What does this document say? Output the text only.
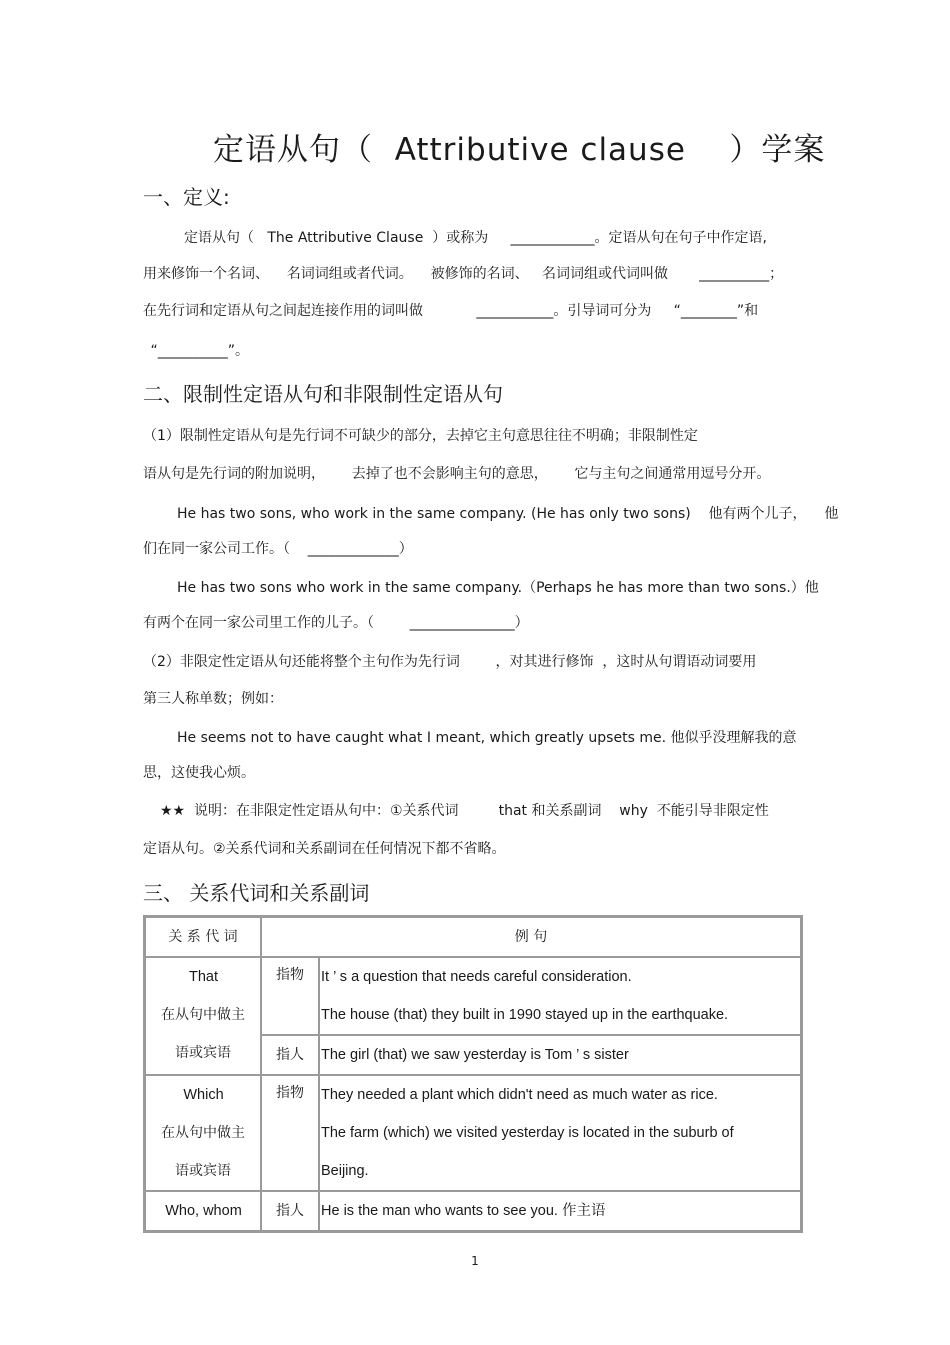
定语从句（  Attributive clause    ）学案
一、定义:
定语从句（   The Attributive Clause  ）或称为     ____________。定语从句在句子中作定语,
用来修饰一个名词、    名词词组或者代词。    被修饰的名词、   名词词组或代词叫做       __________；
在先行词和定语从句之间起连接作用的词叫做            ___________。引导词可分为     “________”和
“__________”。
二、限制性定语从句和非限制性定语从句
（1）限制性定语从句是先行词不可缺少的部分，去掉它主句意思往往不明确；非限制性定
语从句是先行词的附加说明，      去掉了也不会影响主句的意思，      它与主句之间通常用逗号分开。
He has two sons, who work in the same company. (He has only two sons)    他有两个儿子，    他
们在同一家公司工作。（    _____________）
He has two sons who work in the same company.（Perhaps he has more than two sons.）他
有两个在同一家公司里工作的儿子。（        _______________）
（2）非限定性定语从句还能将整个主句作为先行词        ，对其进行修饰  ，这时从句谓语动词要用
第三人称单数；例如：
He seems not to have caught what I meant, which greatly upsets me. 他似乎没理解我的意
思，这使我心烦。
★★  说明：在非限定性定语从句中：①关系代词         that 和关系副词    why  不能引导非限定性
定语从句。②关系代词和关系副词在任何情况下都不省略。
三、 关系代词和关系副词
关 系 代 词	例 句	

That
在从句中做主
语或宾语	指物	It ’ s a question that needs careful consideration.
The house (that) they built in 1990 stayed up in the earthquake.

	指人	The girl (that) we saw yesterday is Tom ’ s sister

Which
在从句中做主
语或宾语	指物	They needed a plant which didn't need as much water as rice.
The farm (which) we visited yesterday is located in the suburb of
Beijing.

Who, whom	指人	He is the man who wants to see you. 作主语
1
